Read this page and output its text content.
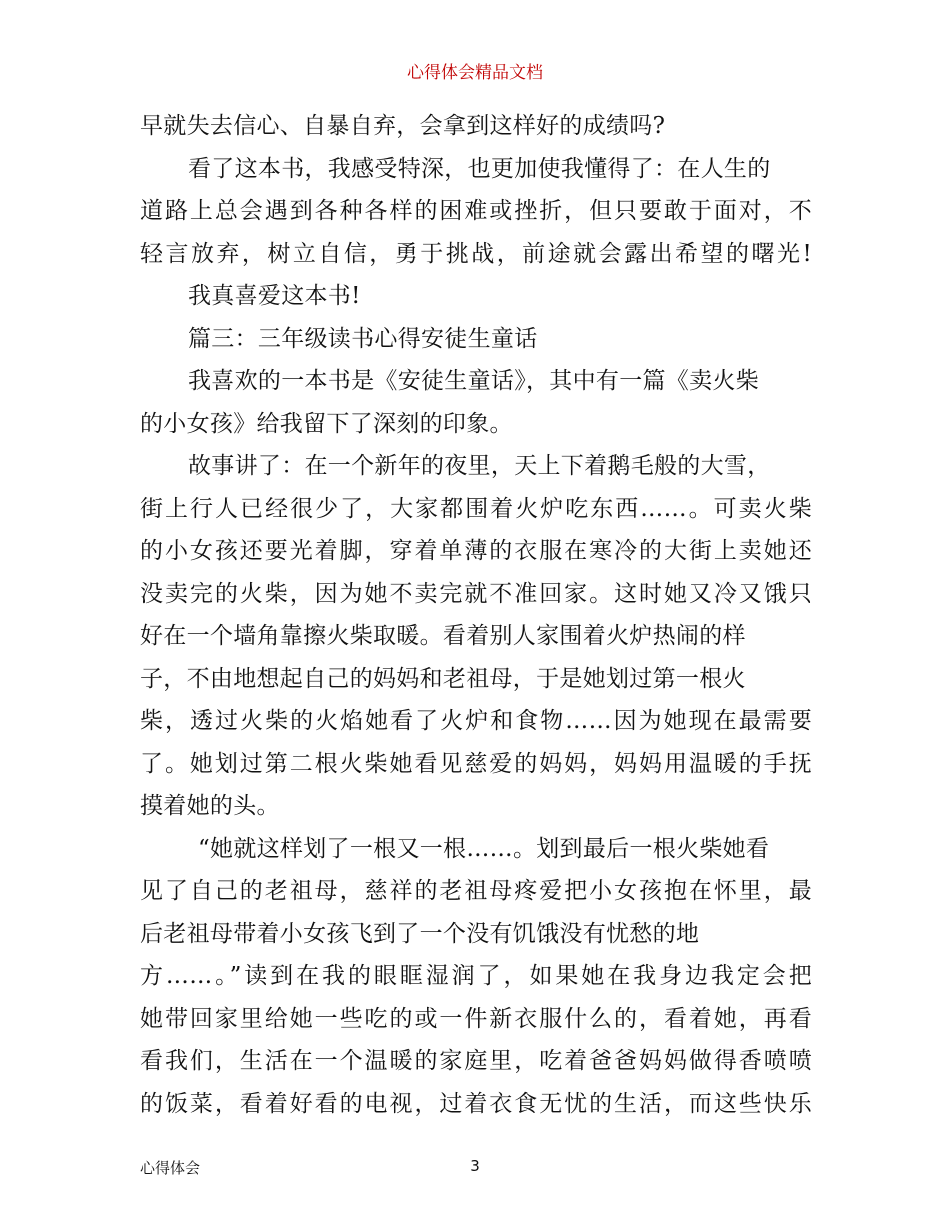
心得体会精品文档
早就失去信心、自暴自弃，会拿到这样好的成绩吗?
看了这本书，我感受特深，也更加使我懂得了：在人生的
道路上总会遇到各种各样的困难或挫折，但只要敢于面对，不
轻言放弃，树立自信，勇于挑战，前途就会露出希望的曙光!
我真喜爱这本书!
篇三：三年级读书心得安徒生童话
我喜欢的一本书是《安徒生童话》，其中有一篇《卖火柴
的小女孩》给我留下了深刻的印象。
故事讲了：在一个新年的夜里，天上下着鹅毛般的大雪，
街上行人已经很少了，大家都围着火炉吃东西……。可卖火柴
的小女孩还要光着脚，穿着单薄的衣服在寒冷的大街上卖她还
没卖完的火柴，因为她不卖完就不准回家。这时她又冷又饿只
好在一个墙角靠擦火柴取暖。看着别人家围着火炉热闹的样
子，不由地想起自己的妈妈和老祖母，于是她划过第一根火
柴，透过火柴的火焰她看了火炉和食物……因为她现在最需要
了。她划过第二根火柴她看见慈爱的妈妈，妈妈用温暖的手抚
摸着她的头。
“她就这样划了一根又一根……。划到最后一根火柴她看
见了自己的老祖母，慈祥的老祖母疼爱把小女孩抱在怀里，最
后老祖母带着小女孩飞到了一个没有饥饿没有忧愁的地
方……。”读到在我的眼眶湿润了，如果她在我身边我定会把
她带回家里给她一些吃的或一件新衣服什么的，看着她，再看
看我们，生活在一个温暖的家庭里，吃着爸爸妈妈做得香喷喷
的饭菜，看着好看的电视，过着衣食无忧的生活，而这些快乐
心得体会	3
